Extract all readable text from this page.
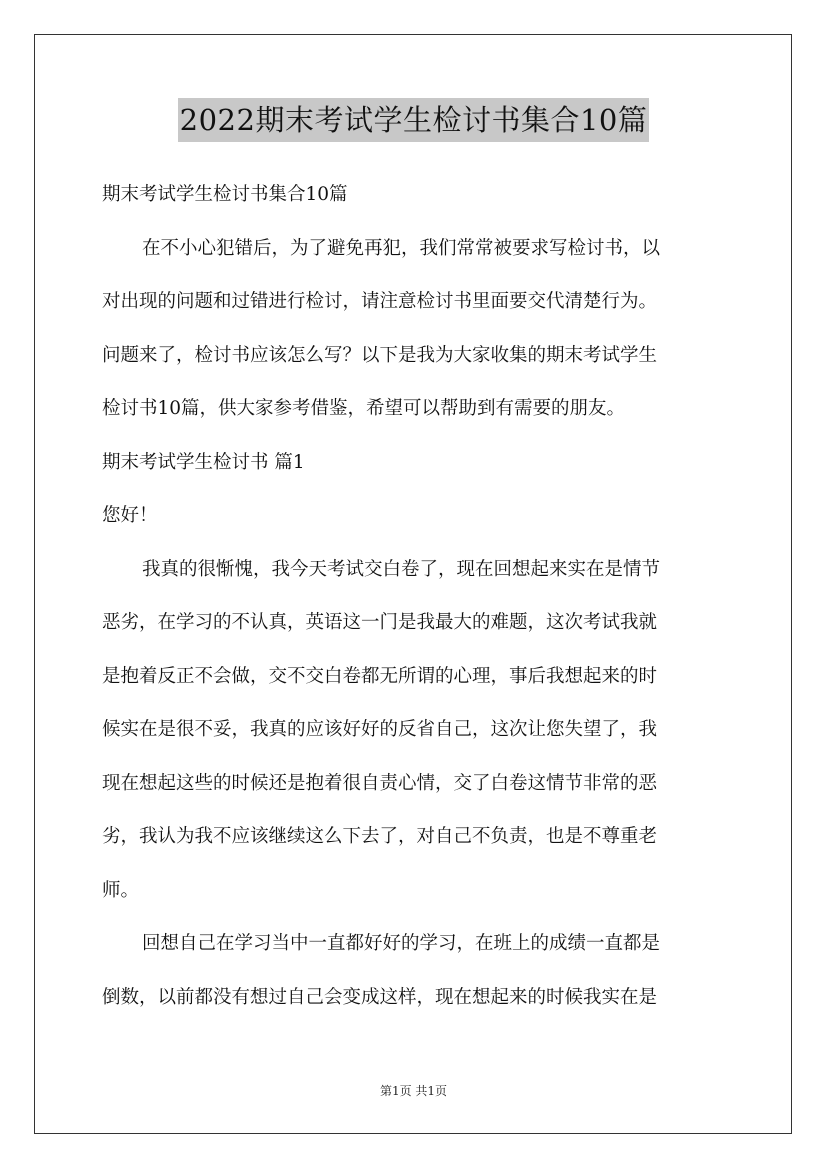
2022期末考试学生检讨书集合10篇
期末考试学生检讨书集合10篇
在不小心犯错后，为了避免再犯，我们常常被要求写检讨书，以
对出现的问题和过错进行检讨，请注意检讨书里面要交代清楚行为。
问题来了，检讨书应该怎么写？以下是我为大家收集的期末考试学生
检讨书10篇，供大家参考借鉴，希望可以帮助到有需要的朋友。
期末考试学生检讨书 篇1
您好！
我真的很惭愧，我今天考试交白卷了，现在回想起来实在是情节
恶劣，在学习的不认真，英语这一门是我最大的难题，这次考试我就
是抱着反正不会做，交不交白卷都无所谓的心理，事后我想起来的时
候实在是很不妥，我真的应该好好的反省自己，这次让您失望了，我
现在想起这些的时候还是抱着很自责心情，交了白卷这情节非常的恶
劣，我认为我不应该继续这么下去了，对自己不负责，也是不尊重老
师。
回想自己在学习当中一直都好好的学习，在班上的成绩一直都是
倒数，以前都没有想过自己会变成这样，现在想起来的时候我实在是
第1页 共1页
